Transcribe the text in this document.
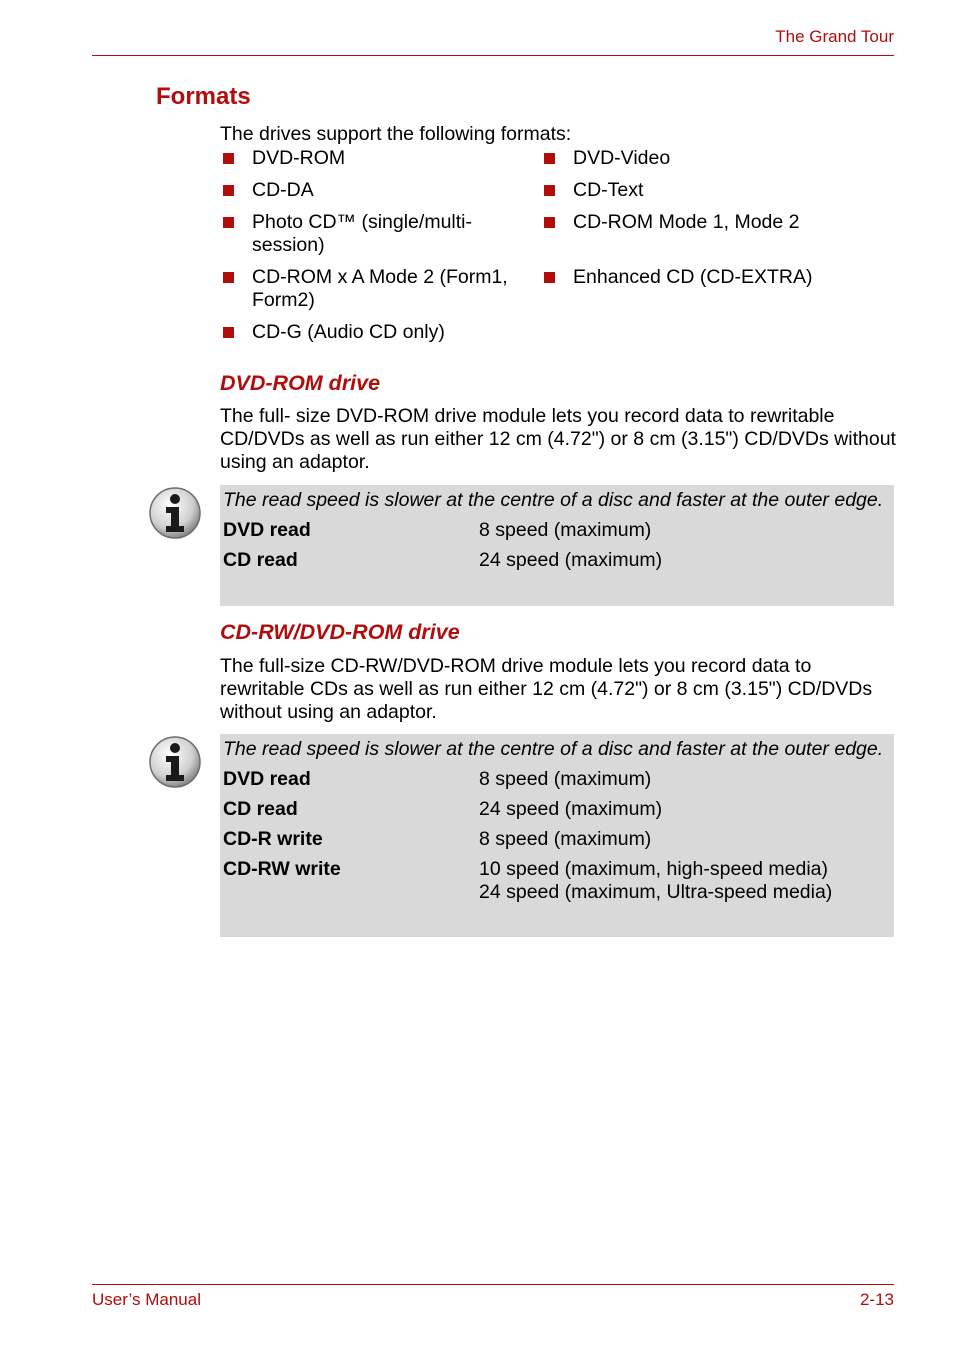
The Grand Tour
Formats
The drives support the following formats:
DVD-ROM
CD-DA
Photo CD™ (single/multi-session)
CD-ROM x A Mode 2 (Form1, Form2)
CD-G (Audio CD only)
DVD-Video
CD-Text
CD-ROM Mode 1, Mode 2
Enhanced CD (CD-EXTRA)
DVD-ROM drive
The full- size DVD-ROM drive module lets you record data to rewritable CD/DVDs as well as run either 12 cm (4.72") or 8 cm (3.15") CD/DVDs without using an adaptor.
The read speed is slower at the centre of a disc and faster at the outer edge.
DVD read	8 speed (maximum)
CD read	24 speed (maximum)
CD-RW/DVD-ROM drive
The full-size CD-RW/DVD-ROM drive module lets you record data to rewritable CDs as well as run either 12 cm (4.72") or 8 cm (3.15") CD/DVDs without using an adaptor.
The read speed is slower at the centre of a disc and faster at the outer edge.
DVD read	8 speed (maximum)
CD read	24 speed (maximum)
CD-R write	8 speed (maximum)
CD-RW write	10 speed (maximum, high-speed media)
24 speed (maximum, Ultra-speed media)
User’s Manual	2-13
